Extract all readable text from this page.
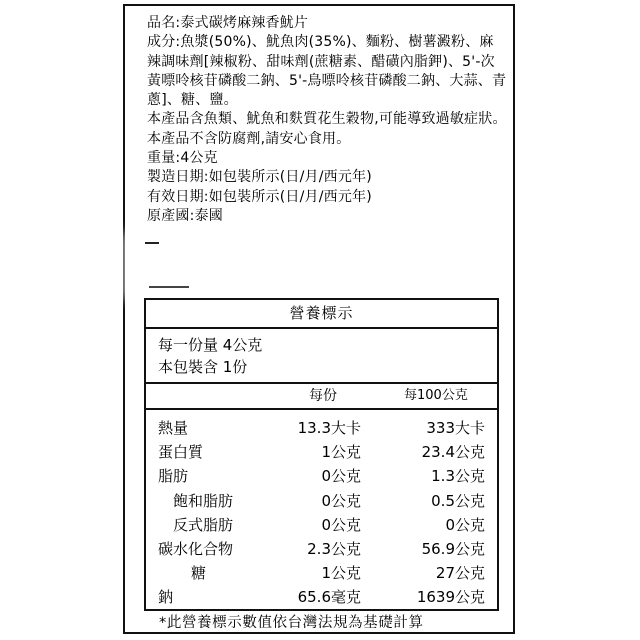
品名:泰式碳烤麻辣香魷片
成分:魚漿(50%)、魷魚肉(35%)、麵粉、樹薯澱粉、麻辣調味劑[辣椒粉、甜味劑(蔗糖素、醋磺內脂鉀)、5'-次黃嘌呤核苷磷酸二鈉、5'-鳥嘌呤核苷磷酸二鈉、大蒜、青蔥]、糖、鹽。
本產品含魚類、魷魚和麩質花生穀物,可能導致過敏症狀。本產品不含防腐劑,請安心食用。
重量:4公克
製造日期:如包裝所示(日/月/西元年)
有效日期:如包裝所示(日/月/西元年)
原產國:泰國
營養標示
每一份量 4公克
本包裝含 1份
每份	每100公克
熱量	13.3大卡	333大卡
蛋白質	1公克	23.4公克
脂肪	0公克	1.3公克
飽和脂肪	0公克	0.5公克
反式脂肪	0公克	0公克
碳水化合物	2.3公克	56.9公克
糖	1公克	27公克
鈉	65.6毫克	1639公克
*此營養標示數值依台灣法規為基礎計算
